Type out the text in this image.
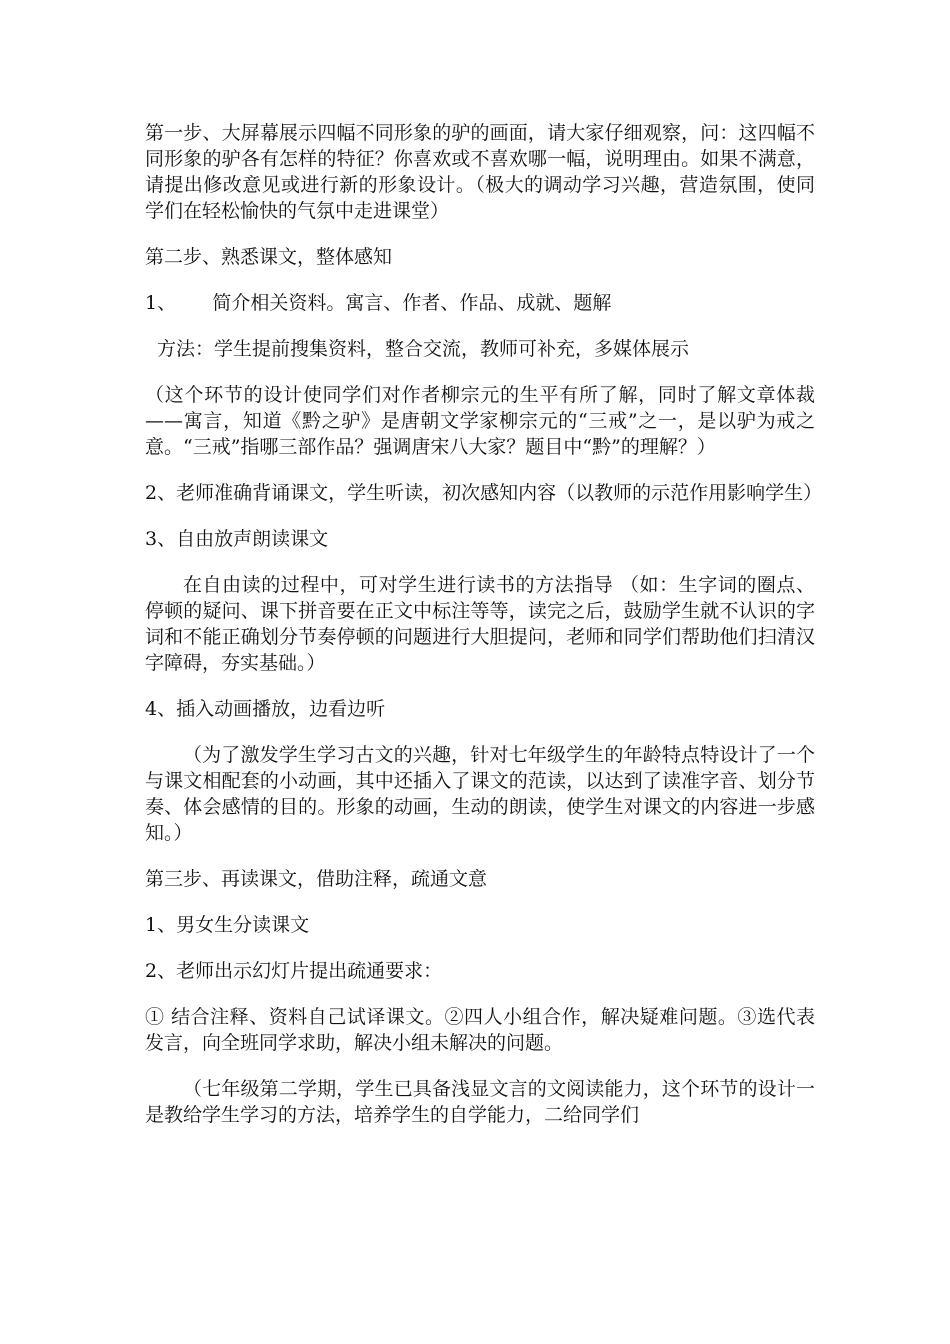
第一步、大屏幕展示四幅不同形象的驴的画面，请大家仔细观察，问：这四幅不同形象的驴各有怎样的特征？你喜欢或不喜欢哪一幅，说明理由。如果不满意，请提出修改意见或进行新的形象设计。（极大的调动学习兴趣，营造氛围，使同学们在轻松愉快的气氛中走进课堂）

第二步、熟悉课文，整体感知

1、      简介相关资料。寓言、作者、作品、成就、题解

方法：学生提前搜集资料，整合交流，教师可补充，多媒体展示

（这个环节的设计使同学们对作者柳宗元的生平有所了解，同时了解文章体裁——寓言，知道《黔之驴》是唐朝文学家柳宗元的“三戒”之一，是以驴为戒之意。“三戒”指哪三部作品？强调唐宋八大家？题目中“黔”的理解？）

2、老师准确背诵课文，学生听读，初次感知内容（以教师的示范作用影响学生）

3、自由放声朗读课文

在自由读的过程中，可对学生进行读书的方法指导 （如：生字词的圈点、停顿的疑问、课下拼音要在正文中标注等等，读完之后，鼓励学生就不认识的字词和不能正确划分节奏停顿的问题进行大胆提问，老师和同学们帮助他们扫清汉字障碍，夯实基础。）

4、插入动画播放，边看边听

（为了激发学生学习古文的兴趣，针对七年级学生的年龄特点特设计了一个与课文相配套的小动画，其中还插入了课文的范读，以达到了读准字音、划分节奏、体会感情的目的。形象的动画，生动的朗读，使学生对课文的内容进一步感知。）

第三步、再读课文，借助注释，疏通文意

1、男女生分读课文

2、老师出示幻灯片提出疏通要求：

① 结合注释、资料自己试译课文。②四人小组合作，解决疑难问题。③选代表发言，向全班同学求助，解决小组未解决的问题。

（七年级第二学期，学生已具备浅显文言的文阅读能力，这个环节的设计一是教给学生学习的方法，培养学生的自学能力，二给同学们
